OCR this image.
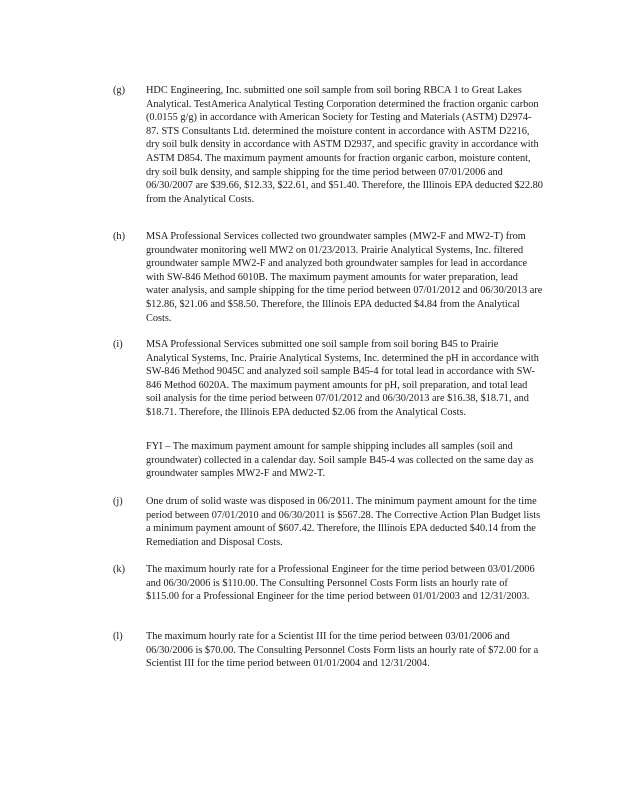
(g)	HDC Engineering, Inc. submitted one soil sample from soil boring RBCA 1 to Great Lakes Analytical. TestAmerica Analytical Testing Corporation determined the fraction organic carbon (0.0155 g/g) in accordance with American Society for Testing and Materials (ASTM) D2974-87. STS Consultants Ltd. determined the moisture content in accordance with ASTM D2216, dry soil bulk density in accordance with ASTM D2937, and specific gravity in accordance with ASTM D854. The maximum payment amounts for fraction organic carbon, moisture content, dry soil bulk density, and sample shipping for the time period between 07/01/2006 and 06/30/2007 are $39.66, $12.33, $22.61, and $51.40. Therefore, the Illinois EPA deducted $22.80 from the Analytical Costs.
(h)	MSA Professional Services collected two groundwater samples (MW2-F and MW2-T) from groundwater monitoring well MW2 on 01/23/2013. Prairie Analytical Systems, Inc. filtered groundwater sample MW2-F and analyzed both groundwater samples for lead in accordance with SW-846 Method 6010B. The maximum payment amounts for water preparation, lead water analysis, and sample shipping for the time period between 07/01/2012 and 06/30/2013 are $12.86, $21.06 and $58.50. Therefore, the Illinois EPA deducted $4.84 from the Analytical Costs.
(i)	MSA Professional Services submitted one soil sample from soil boring B45 to Prairie Analytical Systems, Inc. Prairie Analytical Systems, Inc. determined the pH in accordance with SW-846 Method 9045C and analyzed soil sample B45-4 for total lead in accordance with SW-846 Method 6020A. The maximum payment amounts for pH, soil preparation, and total lead soil analysis for the time period between 07/01/2012 and 06/30/2013 are $16.38, $18.71, and $18.71. Therefore, the Illinois EPA deducted $2.06 from the Analytical Costs.
FYI – The maximum payment amount for sample shipping includes all samples (soil and groundwater) collected in a calendar day. Soil sample B45-4 was collected on the same day as groundwater samples MW2-F and MW2-T.
(j)	One drum of solid waste was disposed in 06/2011. The minimum payment amount for the time period between 07/01/2010 and 06/30/2011 is $567.28. The Corrective Action Plan Budget lists a minimum payment amount of $607.42. Therefore, the Illinois EPA deducted $40.14 from the Remediation and Disposal Costs.
(k)	The maximum hourly rate for a Professional Engineer for the time period between 03/01/2006 and 06/30/2006 is $110.00. The Consulting Personnel Costs Form lists an hourly rate of $115.00 for a Professional Engineer for the time period between 01/01/2003 and 12/31/2003.
(l)	The maximum hourly rate for a Scientist III for the time period between 03/01/2006 and 06/30/2006 is $70.00. The Consulting Personnel Costs Form lists an hourly rate of $72.00 for a Scientist III for the time period between 01/01/2004 and 12/31/2004.
